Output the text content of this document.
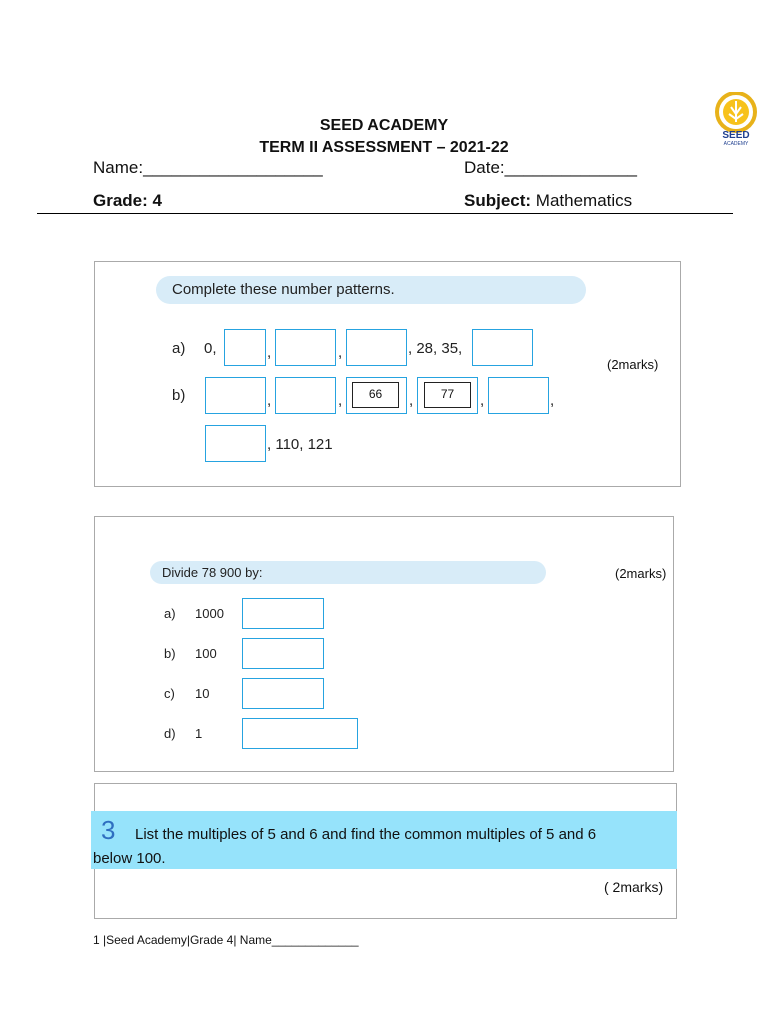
SEED
ACADEMY
SEED ACADEMY
TERM II ASSESSMENT – 2021-22
Name:___________________	Date:______________
Grade: 4	Subject: Mathematics
Complete these number patterns.
a) 0,	,	,	, 28, 35,
(2marks)
b)	,	,	66	,	77	,	,
, 110, 121
Divide 78 900 by:	(2marks)
a) 1000
b) 100
c) 10
d) 1
3 List the multiples of 5 and 6 and find the common multiples of 5 and 6
below 100.
( 2marks)
1 |Seed Academy|Grade 4| Name_____________
